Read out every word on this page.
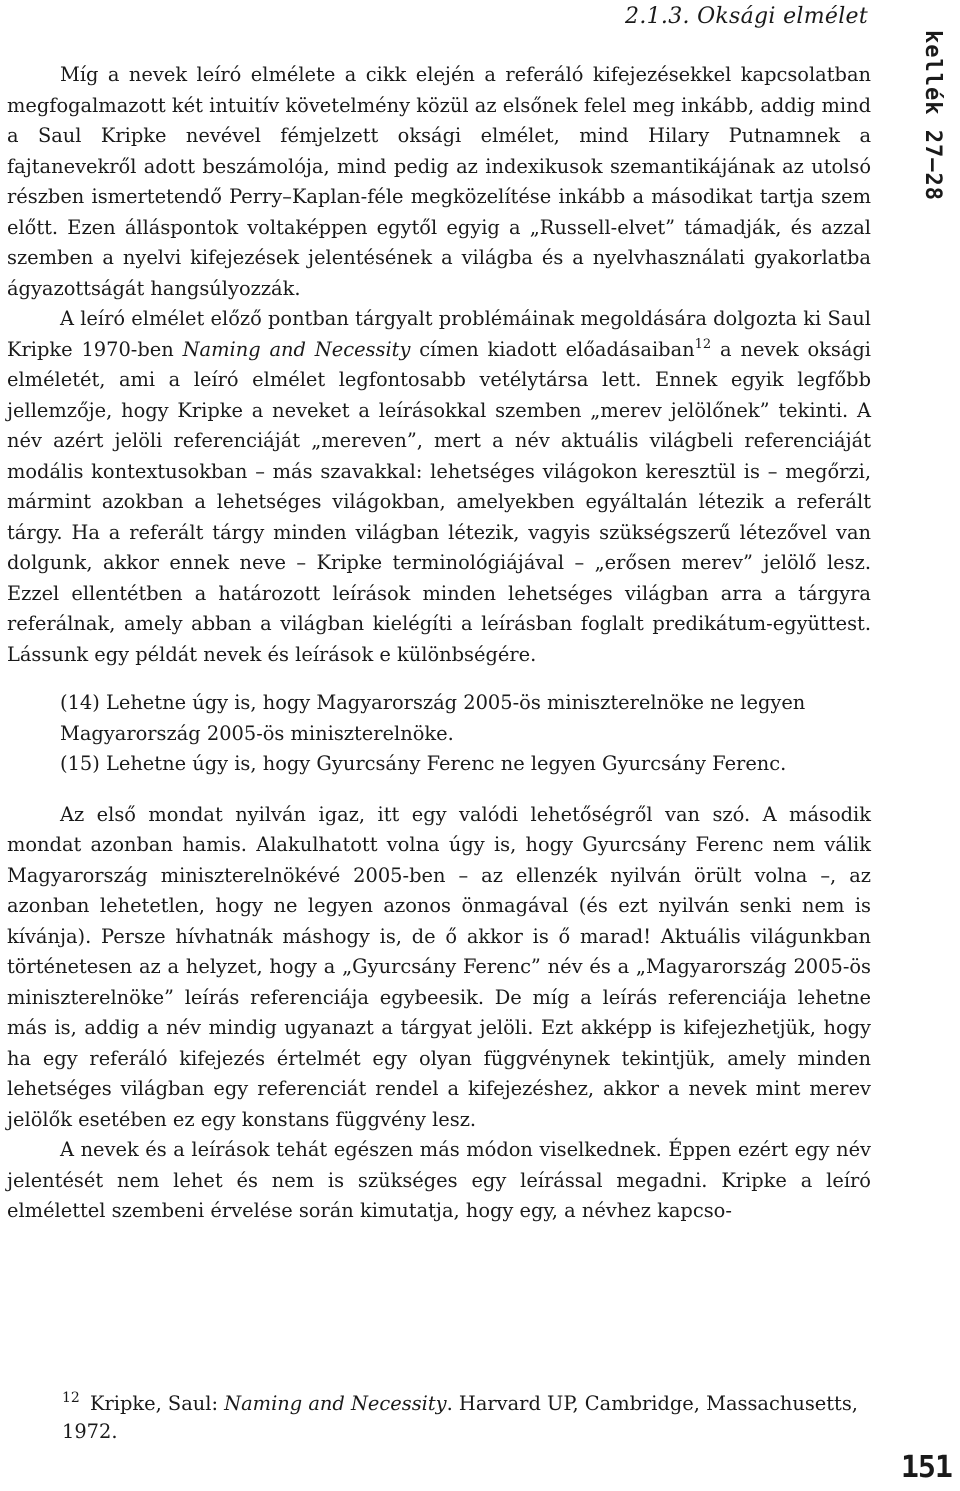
2.1.3. Oksági elmélet
kellék 27–28

Míg a nevek leíró elmélete a cikk elején a referáló kifejezésekkel kapcsolatban megfogalmazott két intuitív követelmény közül az elsőnek felel meg inkább, addig mind a Saul Kripke nevével fémjelzett oksági elmélet, mind Hilary Putnamnek a fajtanevekről adott beszámolója, mind pedig az indexikusok szemantikájának az utolsó részben ismertetendő Perry–Kaplan-féle megközelítése inkább a másodikat tartja szem előtt. Ezen álláspontok voltaképpen egytől egyig a „Russell-elvet” támadják, és azzal szemben a nyelvi kifejezések jelentésének a világba és a nyelvhasználati gyakorlatba ágyazottságát hangsúlyozzák.

A leíró elmélet előző pontban tárgyalt problémáinak megoldására dolgozta ki Saul Kripke 1970-ben Naming and Necessity címen kiadott előadásaiban$^{12}$ a nevek oksági elméletét, ami a leíró elmélet legfontosabb vetélytársa lett. Ennek egyik legfőbb jellemzője, hogy Kripke a neveket a leírásokkal szemben „merev jelölőnek” tekinti. A név azért jelöli referenciáját „mereven”, mert a név aktuális világbeli referenciáját modális kontextusokban – más szavakkal: lehetséges világokon keresztül is – megőrzi, mármint azokban a lehetséges világokban, amelyekben egyáltalán létezik a referált tárgy. Ha a referált tárgy minden világban létezik, vagyis szükségszerű létezővel van dolgunk, akkor ennek neve – Kripke terminológiájával – „erősen merev” jelölő lesz. Ezzel ellentétben a határozott leírások minden lehetséges világban arra a tárgyra referálnak, amely abban a világban kielégíti a leírásban foglalt predikátum-együttest. Lássunk egy példát nevek és leírások e különbségére.

(14) Lehetne úgy is, hogy Magyarország 2005-ös miniszterelnöke ne legyen
Magyarország 2005-ös miniszterelnöke.
(15) Lehetne úgy is, hogy Gyurcsány Ferenc ne legyen Gyurcsány Ferenc.

Az első mondat nyilván igaz, itt egy valódi lehetőségről van szó. A második mondat azonban hamis. Alakulhatott volna úgy is, hogy Gyurcsány Ferenc nem válik Magyarország miniszterelnökévé 2005-ben – az ellenzék nyilván örült volna –, az azonban lehetetlen, hogy ne legyen azonos önmagával (és ezt nyilván senki nem is kívánja). Persze hívhatnák máshogy is, de ő akkor is ő marad! Aktuális világunkban történetesen az a helyzet, hogy a „Gyurcsány Ferenc” név és a „Magyarország 2005-ös miniszterelnöke” leírás referenciája egybeesik. De míg a leírás referenciája lehetne más is, addig a név mindig ugyanazt a tárgyat jelöli. Ezt akképp is kifejezhetjük, hogy ha egy referáló kifejezés értelmét egy olyan függvénynek tekintjük, amely minden lehetséges világban egy referenciát rendel a kifejezéshez, akkor a nevek mint merev jelölők esetében ez egy konstans függvény lesz.

A nevek és a leírások tehát egészen más módon viselkednek. Éppen ezért egy név jelentését nem lehet és nem is szükséges egy leírással megadni. Kripke a leíró elmélettel szembeni érvelése során kimutatja, hogy egy, a névhez kapcso-

$^{12}$ Kripke, Saul: Naming and Necessity. Harvard UP, Cambridge, Massachusetts, 1972.
151
